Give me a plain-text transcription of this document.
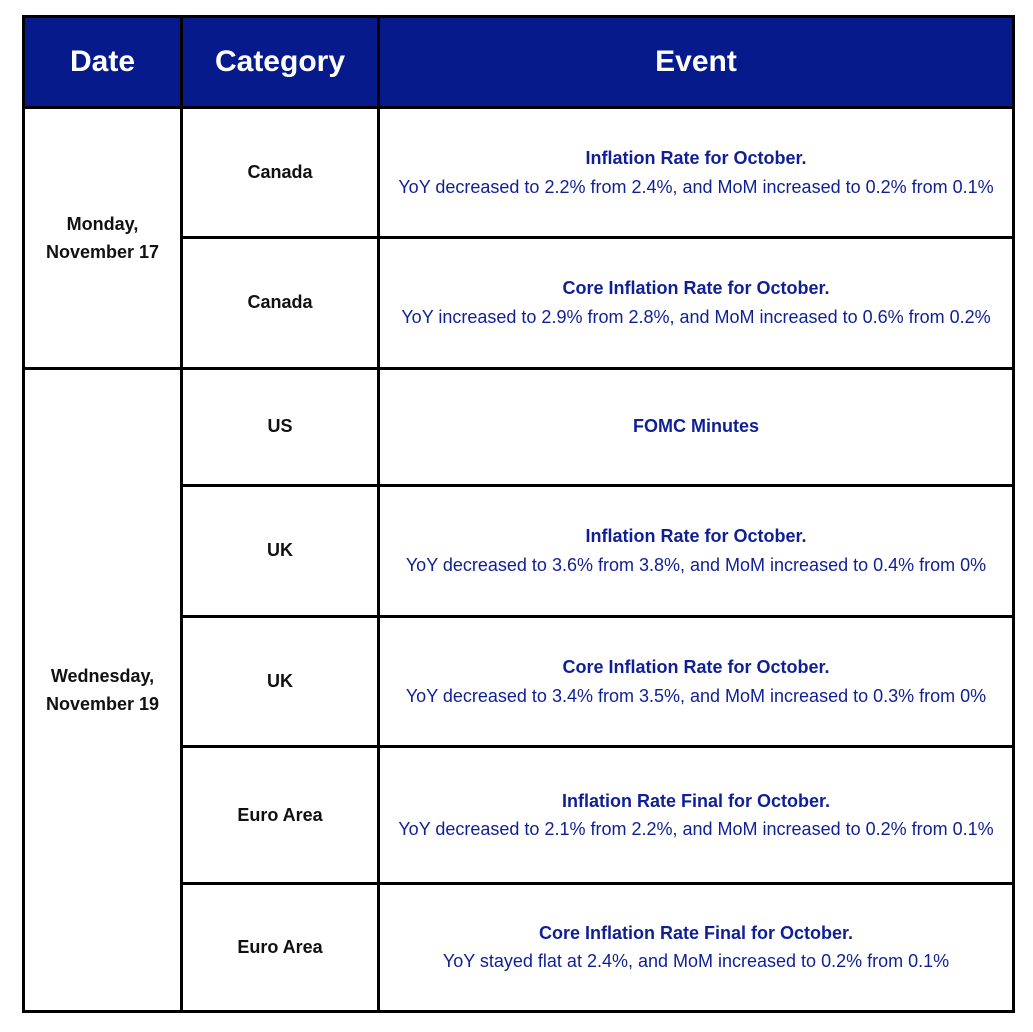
Date	Category	Event
Monday, November 17	Canada	Inflation Rate for October.
YoY decreased to 2.2% from 2.4%, and MoM increased to 0.2% from 0.1%

	Canada	Core Inflation Rate for October.
YoY increased to 2.9% from 2.8%, and MoM increased to 0.6% from 0.2%

Wednesday, November 19	US	FOMC Minutes

	UK	Inflation Rate for October.
YoY decreased to 3.6% from 3.8%, and MoM increased to 0.4% from 0%

	UK	Core Inflation Rate for October.
YoY decreased to 3.4% from 3.5%, and MoM increased to 0.3% from 0%

	Euro Area	Inflation Rate Final for October.
YoY decreased to 2.1% from 2.2%, and MoM increased to 0.2% from 0.1%

	Euro Area	Core Inflation Rate Final for October.
YoY stayed flat at 2.4%, and MoM increased to 0.2% from 0.1%
